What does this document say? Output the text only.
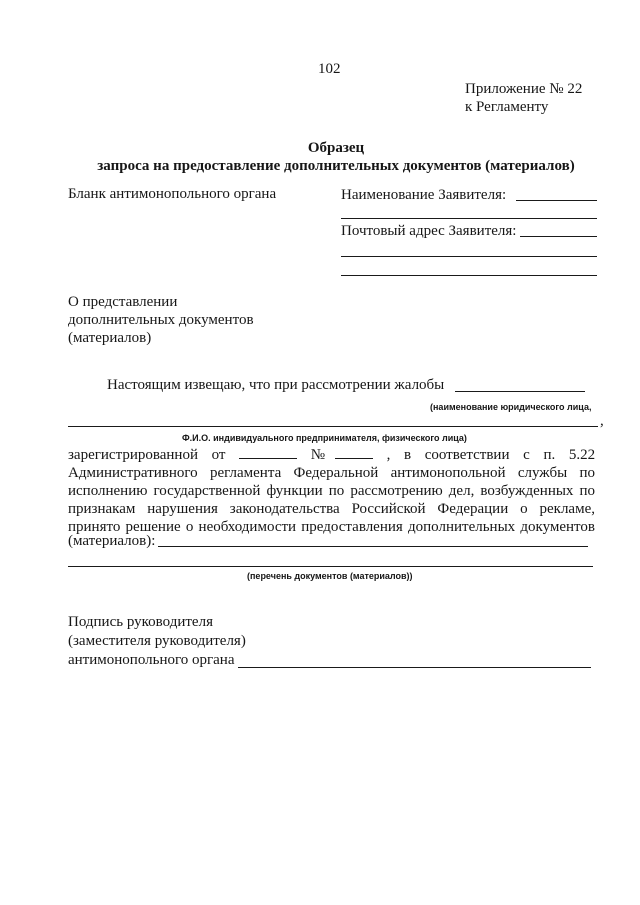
102
Приложение № 22
к Регламенту
Образец
запроса на предоставление дополнительных документов (материалов)
Бланк антимонопольного органа	Наименование Заявителя:
Почтовый адрес Заявителя:
О представлении
дополнительных документов
(материалов)
Настоящим извещаю, что при рассмотрении жалобы
(наименование юридического лица,
,
Ф.И.О. индивидуального предпринимателя, физического лица)
зарегистрированной от	№	, в соответствии с п. 5.22
Административного регламента Федеральной антимонопольной службы по
исполнению государственной функции по рассмотрению дел, возбужденных по
признакам нарушения законодательства Российской Федерации о рекламе,
принято решение о необходимости предоставления дополнительных документов
(материалов):
(перечень документов (материалов))
Подпись руководителя
(заместителя руководителя)
антимонопольного органа
